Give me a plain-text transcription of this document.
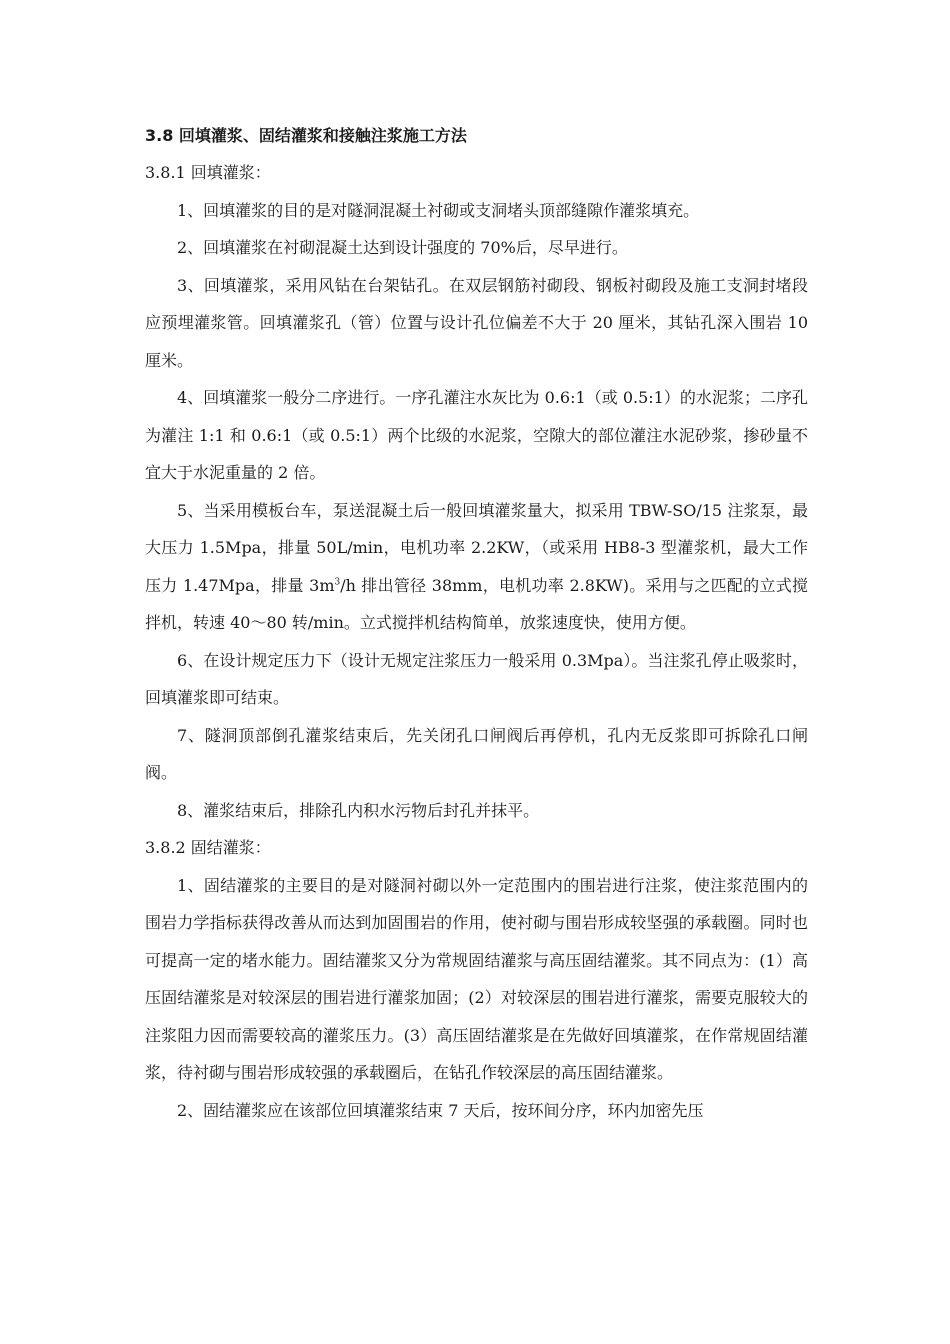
3.8 回填灌浆、固结灌浆和接触注浆施工方法

3.8.1 回填灌浆：

1、回填灌浆的目的是对隧洞混凝土衬砌或支洞堵头顶部缝隙作灌浆填充。

2、回填灌浆在衬砌混凝土达到设计强度的 70%后，尽早进行。

3、回填灌浆，采用风钻在台架钻孔。在双层钢筋衬砌段、钢板衬砌段及施工支洞封堵段应预埋灌浆管。回填灌浆孔（管）位置与设计孔位偏差不大于 20 厘米，其钻孔深入围岩 10 厘米。

4、回填灌浆一般分二序进行。一序孔灌注水灰比为 0.6:1（或 0.5:1）的水泥浆；二序孔为灌注 1:1 和 0.6:1（或 0.5:1）两个比级的水泥浆，空隙大的部位灌注水泥砂浆，掺砂量不宜大于水泥重量的 2 倍。

5、当采用模板台车，泵送混凝土后一般回填灌浆量大，拟采用 TBW-SO/15 注浆泵，最大压力 1.5Mpa，排量 50L/min，电机功率 2.2KW，（或采用 HB8-3 型灌浆机，最大工作压力 1.47Mpa，排量 $3m^3/h$ 排出管径 38mm，电机功率 2.8KW)。采用与之匹配的立式搅拌机，转速 40～80 转/min。立式搅拌机结构简单，放浆速度快，使用方便。

6、在设计规定压力下（设计无规定注浆压力一般采用 0.3Mpa）。当注浆孔停止吸浆时，回填灌浆即可结束。

7、隧洞顶部倒孔灌浆结束后，先关闭孔口闸阀后再停机，孔内无反浆即可拆除孔口闸阀。

8、灌浆结束后，排除孔内积水污物后封孔并抹平。

3.8.2 固结灌浆：

1、固结灌浆的主要目的是对隧洞衬砌以外一定范围内的围岩进行注浆，使注浆范围内的围岩力学指标获得改善从而达到加固围岩的作用，使衬砌与围岩形成较坚强的承载圈。同时也可提高一定的堵水能力。固结灌浆又分为常规固结灌浆与高压固结灌浆。其不同点为：(1）高压固结灌浆是对较深层的围岩进行灌浆加固；(2）对较深层的围岩进行灌浆，需要克服较大的注浆阻力因而需要较高的灌浆压力。(3）高压固结灌浆是在先做好回填灌浆，在作常规固结灌浆，待衬砌与围岩形成较强的承载圈后，在钻孔作较深层的高压固结灌浆。

2、固结灌浆应在该部位回填灌浆结束 7 天后，按环间分序，环内加密先压
